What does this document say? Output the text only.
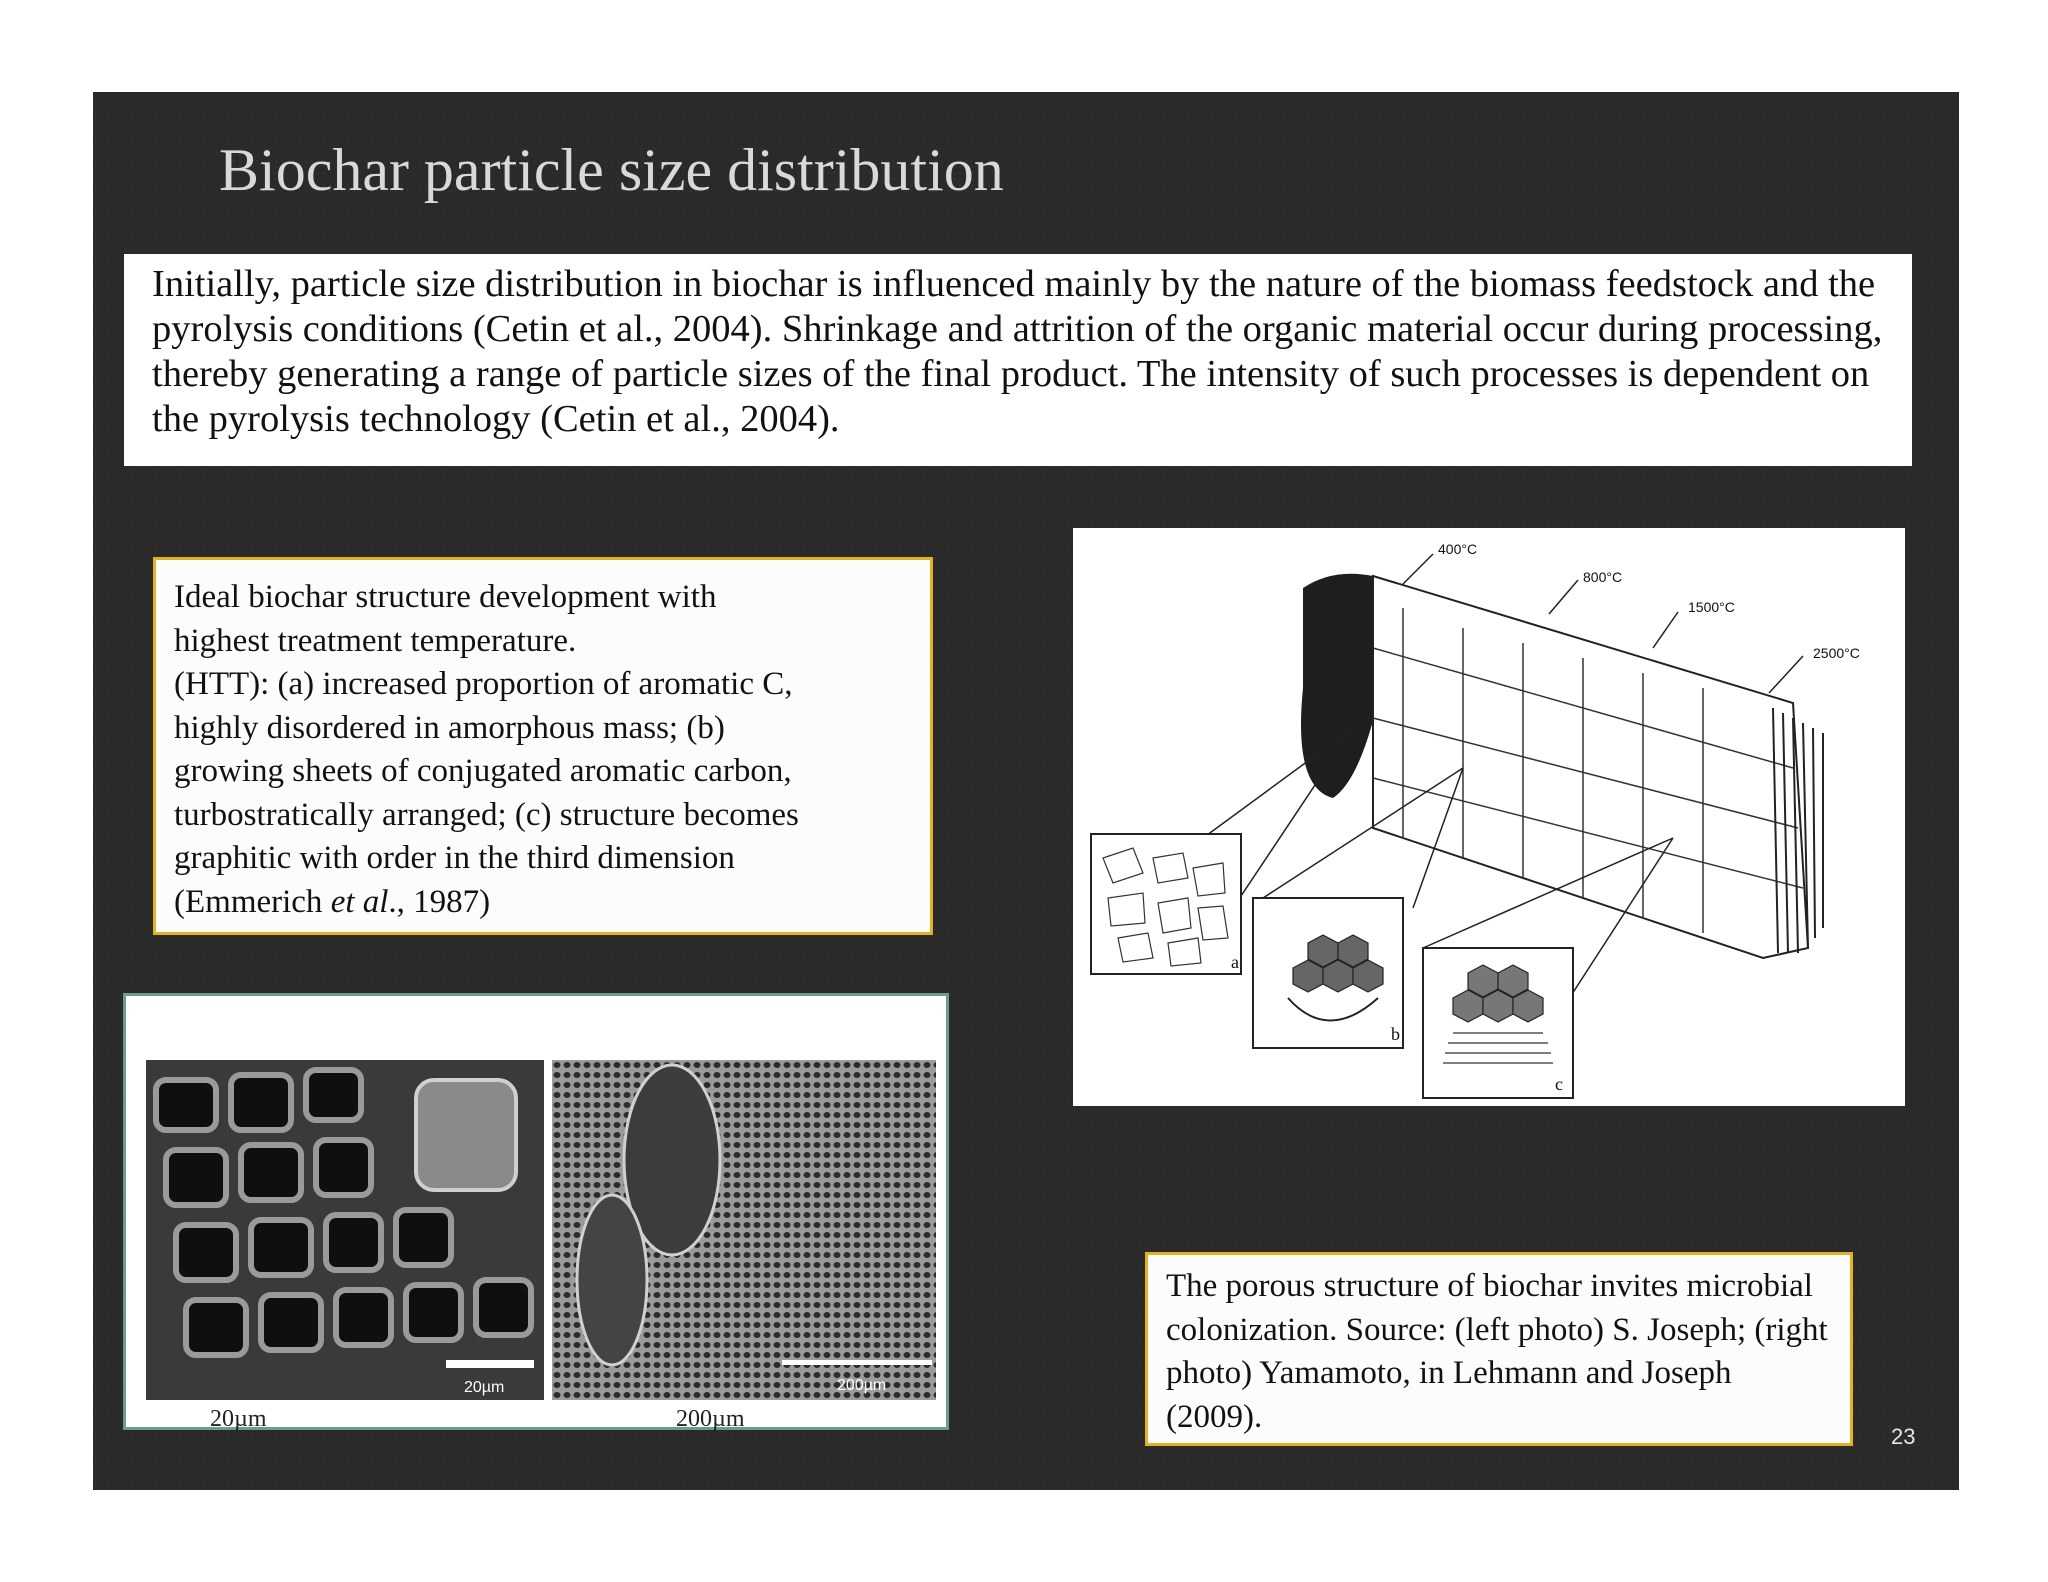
Biochar particle size distribution
Initially, particle size distribution in biochar is influenced mainly by the nature of the biomass feedstock and the pyrolysis conditions (Cetin et al., 2004). Shrinkage and attrition of the organic material occur during processing, thereby generating a range of particle sizes of the final product. The intensity of such processes is dependent on the pyrolysis technology (Cetin et al., 2004).
Ideal biochar structure development with
highest treatment temperature.
(HTT): (a) increased proportion of aromatic C,
highly disordered in amorphous mass; (b)
growing sheets of conjugated aromatic carbon,
turbostratically arranged; (c) structure becomes
graphitic with order in the third dimension
(Emmerich et al., 1987)
400°C
800°C
1500°C
2500°C
a
b
c
20µm	200µm
20µm	200µm
The porous structure of biochar invites microbial colonization. Source: (left photo) S. Joseph; (right photo) Yamamoto, in Lehmann and Joseph (2009).
23
